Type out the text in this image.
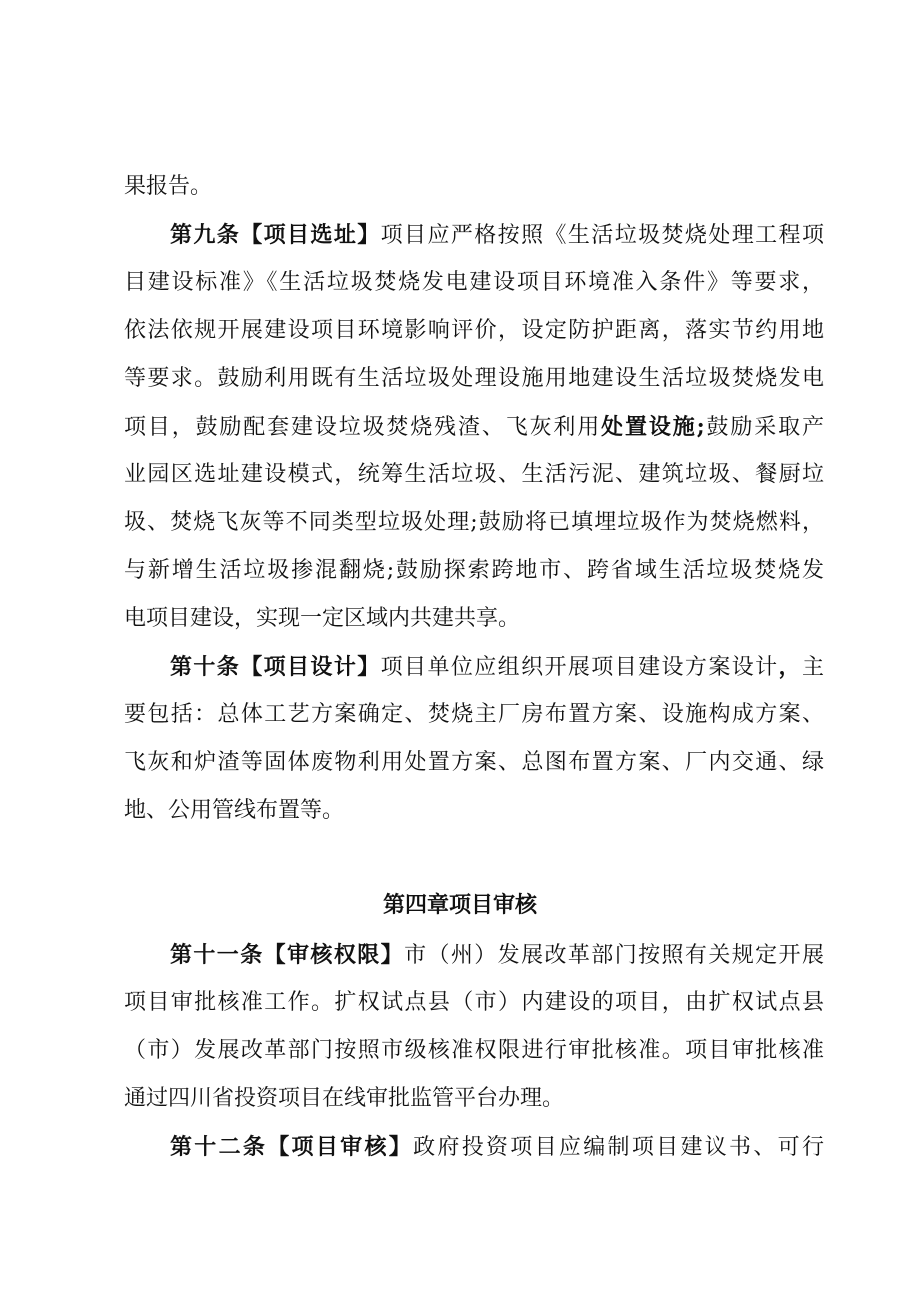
果报告。
第九条【项目选址】项目应严格按照《生活垃圾焚烧处理工程项
目建设标准》《生活垃圾焚烧发电建设项目环境准入条件》等要求，
依法依规开展建设项目环境影响评价，设定防护距离，落实节约用地
等要求。鼓励利用既有生活垃圾处理设施用地建设生活垃圾焚烧发电
项目，鼓励配套建设垃圾焚烧残渣、飞灰利用处置设施;鼓励采取产
业园区选址建设模式，统筹生活垃圾、生活污泥、建筑垃圾、餐厨垃
圾、焚烧飞灰等不同类型垃圾处理;鼓励将已填埋垃圾作为焚烧燃料，
与新增生活垃圾掺混翻烧;鼓励探索跨地市、跨省域生活垃圾焚烧发
电项目建设，实现一定区域内共建共享。
第十条【项目设计】项目单位应组织开展项目建设方案设计，主
要包括：总体工艺方案确定、焚烧主厂房布置方案、设施构成方案、
飞灰和炉渣等固体废物利用处置方案、总图布置方案、厂内交通、绿
地、公用管线布置等。
第四章项目审核
第十一条【审核权限】市（州）发展改革部门按照有关规定开展
项目审批核准工作。扩权试点县（市）内建设的项目，由扩权试点县
（市）发展改革部门按照市级核准权限进行审批核准。项目审批核准
通过四川省投资项目在线审批监管平台办理。
第十二条【项目审核】政府投资项目应编制项目建议书、可行
